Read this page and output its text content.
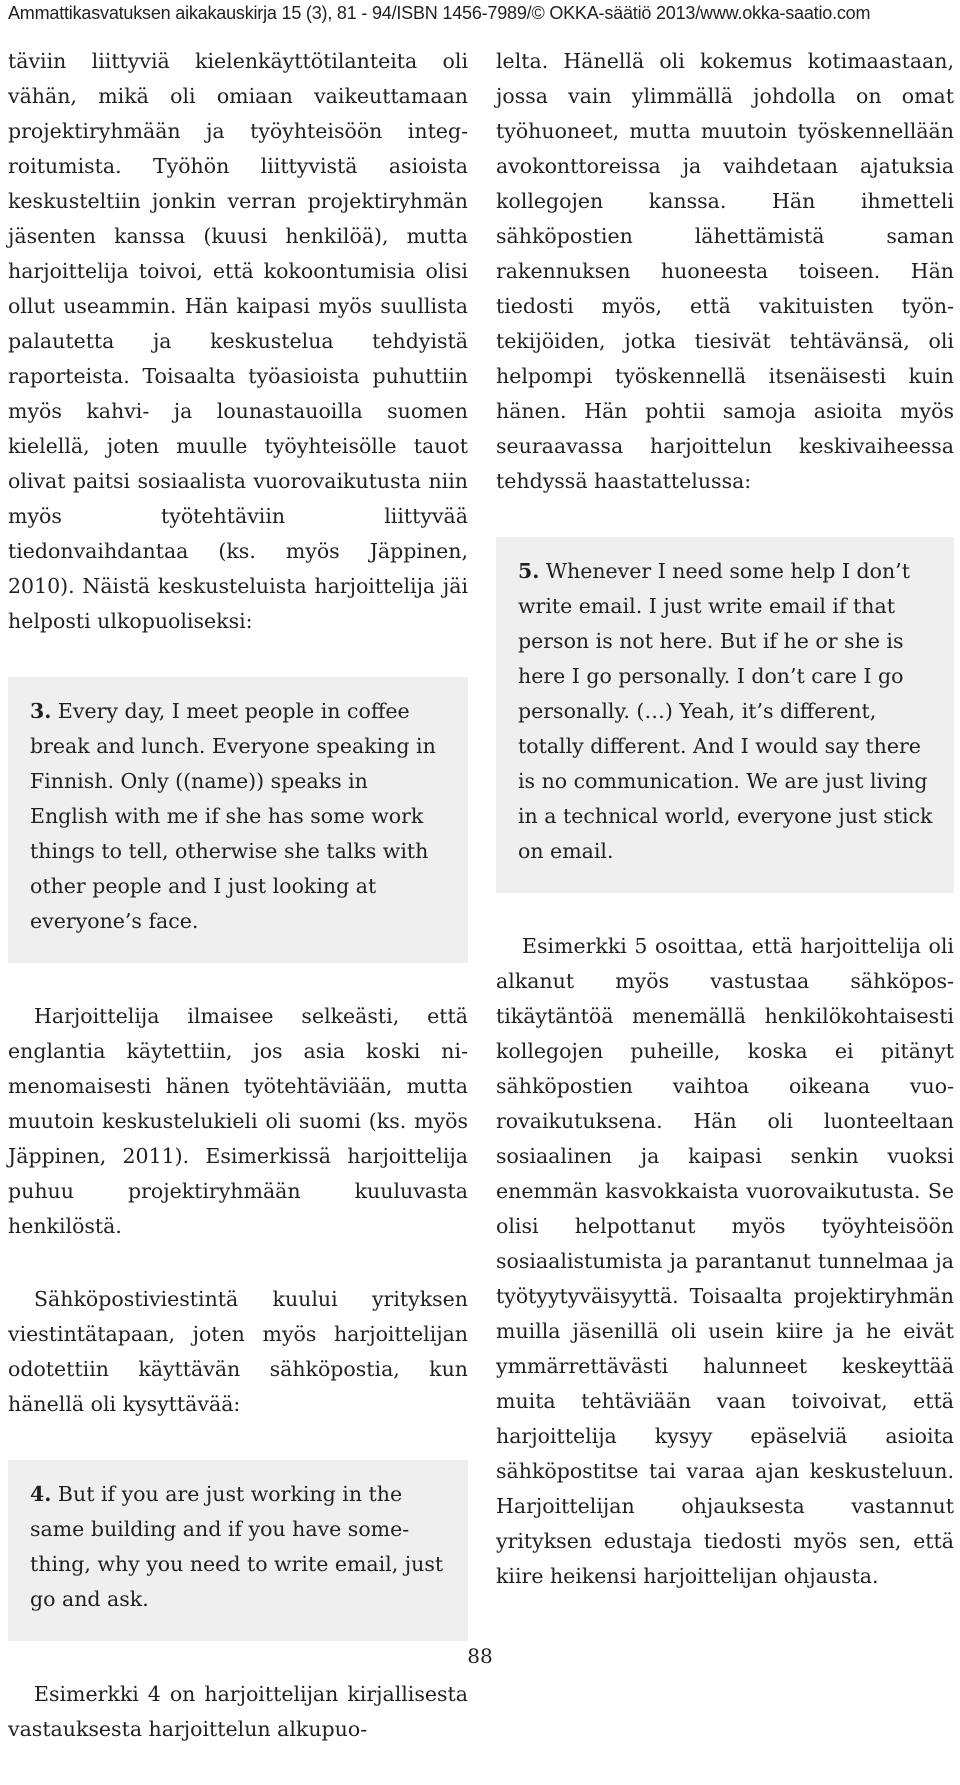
Ammattikasvatuksen aikakauskirja 15 (3), 81 - 94/ISBN 1456-7989/© OKKA-säätiö 2013/www.okka-saatio.com

täviin liittyviä kielenkäyttötilanteita oli vähän, mikä oli omiaan vaikeuttamaan projektiryhmään ja työyhteisöön integroitumista. Työhön liittyvistä asioista keskusteltiin jonkin verran projektiryhmän jäsenten kanssa (kuusi henkilöä), mutta harjoittelija toivoi, että kokoontumisia olisi ollut useammin. Hän kaipasi myös suullista palautetta ja keskustelua tehdyistä raporteista. Toisaalta työasioista puhuttiin myös kahvi- ja lounastauoilla suomen kielellä, joten muulle työyhteisölle tauot olivat paitsi sosiaalista vuorovaikutusta niin myös työtehtäviin liittyvää tiedonvaihdantaa (ks. myös Jäppinen, 2010). Näistä keskusteluista harjoittelija jäi helposti ulkopuoliseksi:

3. Every day, I meet people in coffee break and lunch. Everyone speaking in Finnish. Only ((name)) speaks in English with me if she has some work things to tell, otherwise she talks with other people and I just looking at everyone’s face.

Harjoittelija ilmaisee selkeästi, että englantia käytettiin, jos asia koski nimenomaisesti hänen työtehtäviään, mutta muutoin keskustelukieli oli suomi (ks. myös Jäppinen, 2011). Esimerkissä harjoittelija puhuu projektiryhmään kuuluvasta henkilöstä.

Sähköpostiviestintä kuului yrityksen viestintätapaan, joten myös harjoittelijan odotettiin käyttävän sähköpostia, kun hänellä oli kysyttävää:

4. But if you are just working in the same building and if you have something, why you need to write email, just go and ask.

Esimerkki 4 on harjoittelijan kirjallisesta vastauksesta harjoittelun alkupuo-

lelta. Hänellä oli kokemus kotimaastaan, jossa vain ylimmällä johdolla on omat työhuoneet, mutta muutoin työskennellään avokonttoreissa ja vaihdetaan ajatuksia kollegojen kanssa. Hän ihmetteli sähköpostien lähettämistä saman rakennuksen huoneesta toiseen. Hän tiedosti myös, että vakituisten työntekijöiden, jotka tiesivät tehtävänsä, oli helpompi työskennellä itsenäisesti kuin hänen. Hän pohtii samoja asioita myös seuraavassa harjoittelun keskivaiheessa tehdyssä haastattelussa:

5. Whenever I need some help I don’t write email. I just write email if that person is not here. But if he or she is here I go personally. I don’t care I go personally. (…) Yeah, it’s different, totally different. And I would say there is no communication. We are just living in a technical world, everyone just stick on email.

Esimerkki 5 osoittaa, että harjoittelija oli alkanut myös vastustaa sähköpostikäytäntöä menemällä henkilökohtaisesti kollegojen puheille, koska ei pitänyt sähköpostien vaihtoa oikeana vuorovaikutuksena. Hän oli luonteeltaan sosiaalinen ja kaipasi senkin vuoksi enemmän kasvokkaista vuorovaikutusta. Se olisi helpottanut myös työyhteisöön sosiaalistumista ja parantanut tunnelmaa ja työtyytyväisyyttä. Toisaalta projektiryhmän muilla jäsenillä oli usein kiire ja he eivät ymmärrettävästi halunneet keskeyttää muita tehtäviään vaan toivoivat, että harjoittelija kysyy epäselviä asioita sähköpostitse tai varaa ajan keskusteluun. Harjoittelijan ohjauksesta vastannut yrityksen edustaja tiedosti myös sen, että kiire heikensi harjoittelijan ohjausta.

88
